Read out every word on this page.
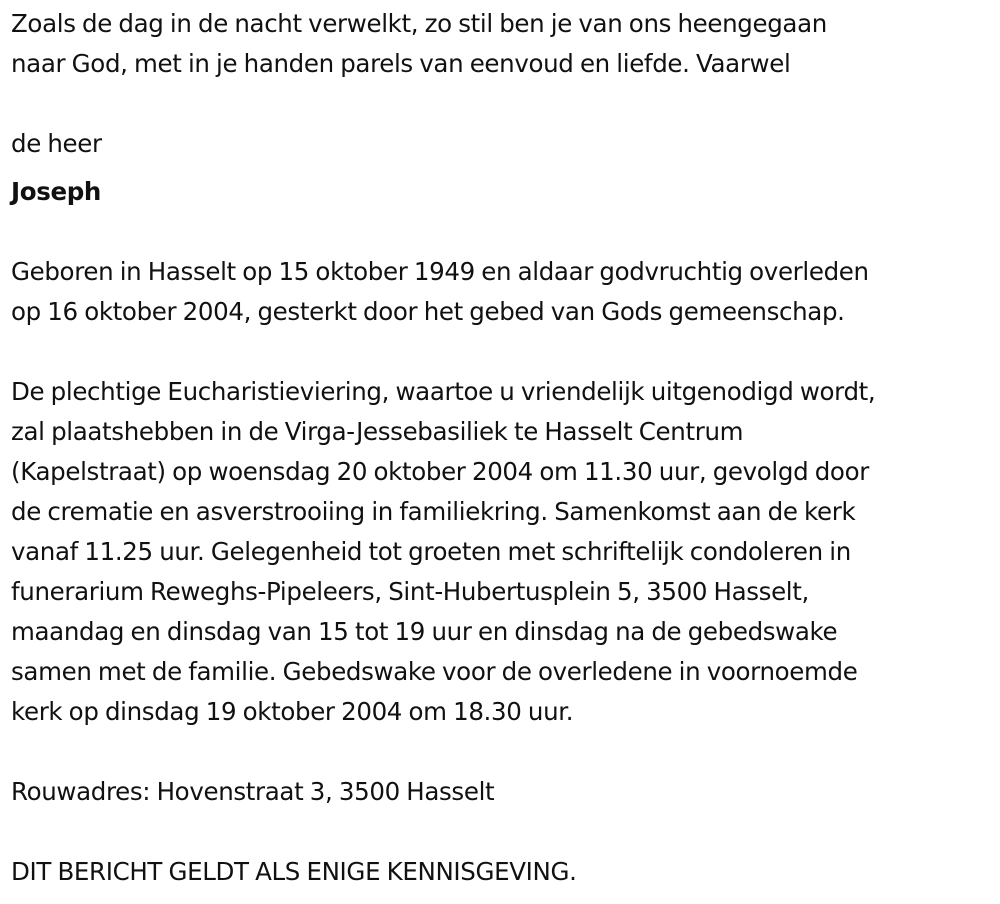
Zoals de dag in de nacht verwelkt, zo stil ben je van ons heengegaan
naar God, met in je handen parels van eenvoud en liefde. Vaarwel
de heer
Joseph
Geboren in Hasselt op 15 oktober 1949 en aldaar godvruchtig overleden
op 16 oktober 2004, gesterkt door het gebed van Gods gemeenschap.
De plechtige Eucharistieviering, waartoe u vriendelijk uitgenodigd wordt,
zal plaatshebben in de Virga-Jessebasiliek te Hasselt Centrum
(Kapelstraat) op woensdag 20 oktober 2004 om 11.30 uur, gevolgd door
de crematie en asverstrooiing in familiekring. Samenkomst aan de kerk
vanaf 11.25 uur. Gelegenheid tot groeten met schriftelijk condoleren in
funerarium Reweghs-Pipeleers, Sint-Hubertusplein 5, 3500 Hasselt,
maandag en dinsdag van 15 tot 19 uur en dinsdag na de gebedswake
samen met de familie. Gebedswake voor de overledene in voornoemde
kerk op dinsdag 19 oktober 2004 om 18.30 uur.
Rouwadres: Hovenstraat 3, 3500 Hasselt
DIT BERICHT GELDT ALS ENIGE KENNISGEVING.
